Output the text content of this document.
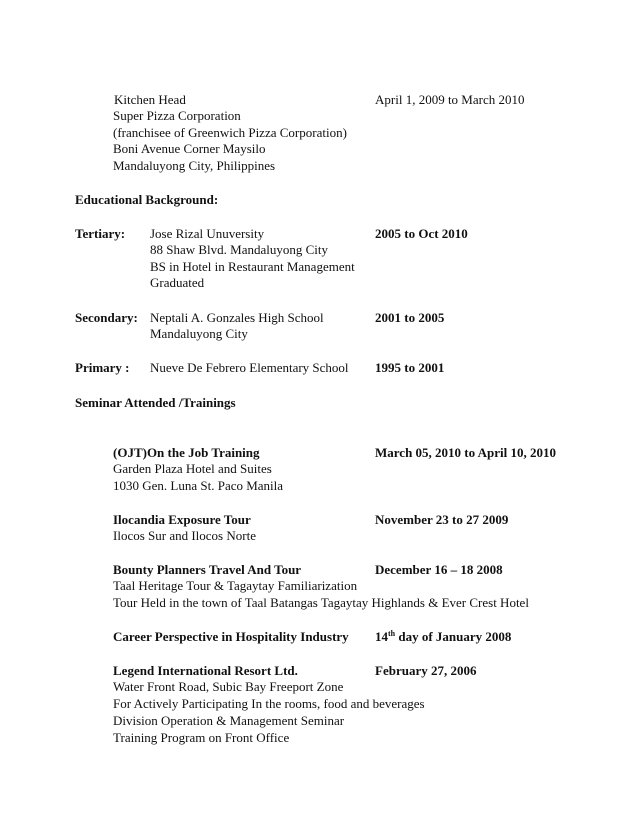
Kitchen Head	April 1, 2009 to March 2010
Super Pizza Corporation
(franchisee of Greenwich Pizza Corporation)
Boni Avenue Corner Maysilo
Mandaluyong City, Philippines
Educational Background:
Tertiary: Jose Rizal Unuversity	2005 to Oct 2010
88 Shaw Blvd. Mandaluyong City
BS in Hotel in Restaurant Management
Graduated
Secondary: Neptali A. Gonzales High School	2001 to 2005
Mandaluyong City
Primary : Nueve De Febrero Elementary School 1995 to 2001
Seminar Attended /Trainings
(OJT)On the Job Training	March 05, 2010 to April 10, 2010
Garden Plaza Hotel and Suites
1030 Gen. Luna St. Paco Manila
Ilocandia Exposure Tour	November 23 to 27 2009
Ilocos Sur and Ilocos Norte
Bounty Planners Travel And Tour	December 16 – 18 2008
Taal Heritage Tour & Tagaytay Familiarization
Tour Held in the town of Taal Batangas Tagaytay Highlands & Ever Crest Hotel
Career Perspective in Hospitality Industry 14th day of January 2008
Legend International Resort Ltd.	February 27, 2006
Water Front Road, Subic Bay Freeport Zone
For Actively Participating In the rooms, food and beverages
Division Operation & Management Seminar
Training Program on Front Office
